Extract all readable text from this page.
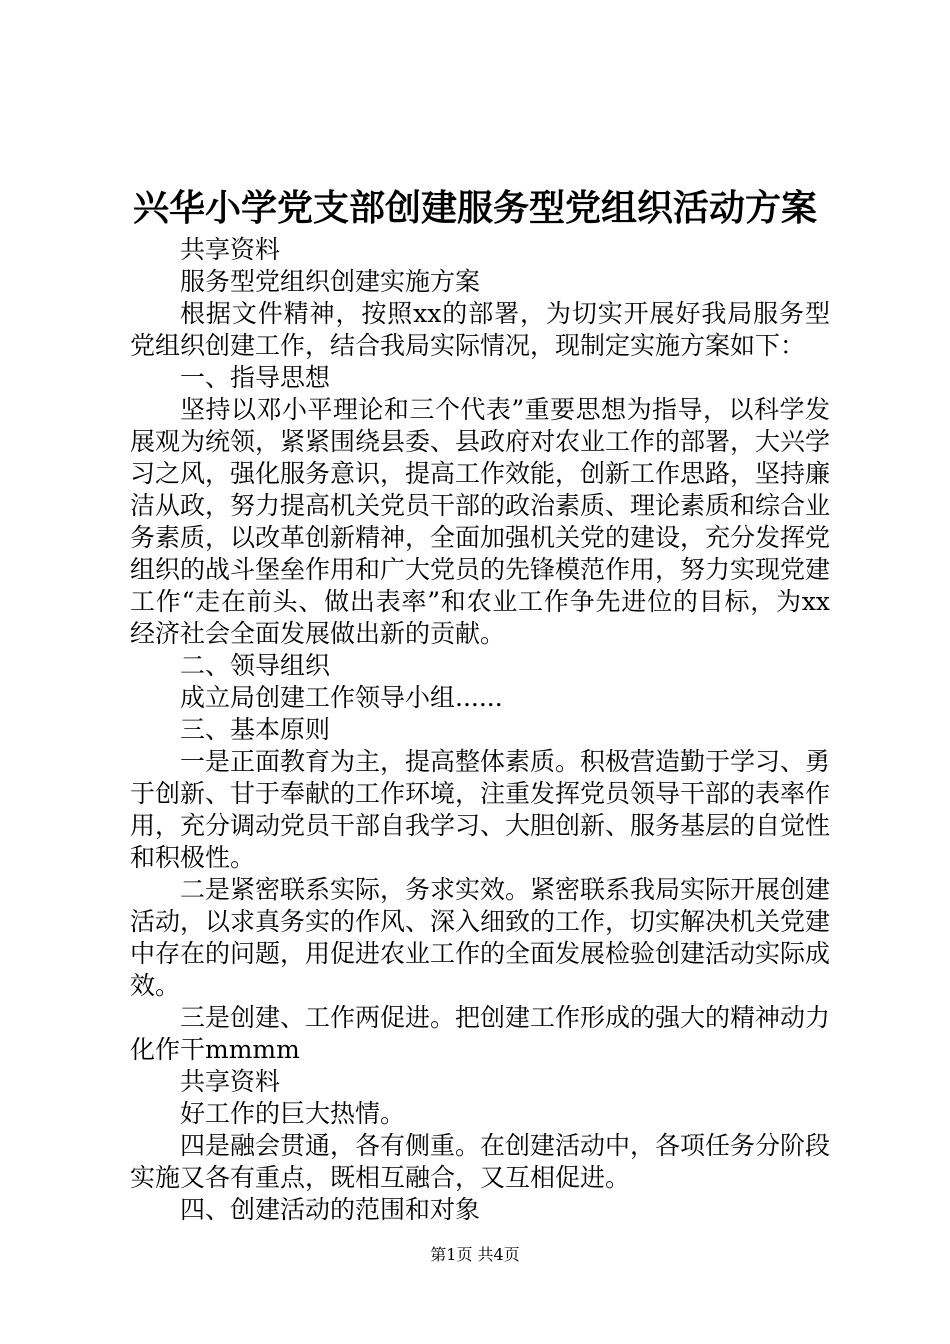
兴华小学党支部创建服务型党组织活动方案

共享资料

服务型党组织创建实施方案

根据文件精神，按照xx的部署，为切实开展好我局服务型党组织创建工作，结合我局实际情况，现制定实施方案如下：

一、指导思想

坚持以邓小平理论和三个代表”重要思想为指导，以科学发展观为统领，紧紧围绕县委、县政府对农业工作的部署，大兴学习之风，强化服务意识，提高工作效能，创新工作思路，坚持廉洁从政，努力提高机关党员干部的政治素质、理论素质和综合业务素质，以改革创新精神，全面加强机关党的建设，充分发挥党组织的战斗堡垒作用和广大党员的先锋模范作用，努力实现党建工作“走在前头、做出表率”和农业工作争先进位的目标，为xx经济社会全面发展做出新的贡献。

二、领导组织

成立局创建工作领导小组......

三、基本原则

一是正面教育为主，提高整体素质。积极营造勤于学习、勇于创新、甘于奉献的工作环境，注重发挥党员领导干部的表率作用，充分调动党员干部自我学习、大胆创新、服务基层的自觉性和积极性。

二是紧密联系实际，务求实效。紧密联系我局实际开展创建活动，以求真务实的作风、深入细致的工作，切实解决机关党建中存在的问题，用促进农业工作的全面发展检验创建活动实际成效。

三是创建、工作两促进。把创建工作形成的强大的精神动力化作干mmmm

共享资料

好工作的巨大热情。

四是融会贯通，各有侧重。在创建活动中，各项任务分阶段实施又各有重点，既相互融合，又互相促进。

四、创建活动的范围和对象

第1页 共4页
